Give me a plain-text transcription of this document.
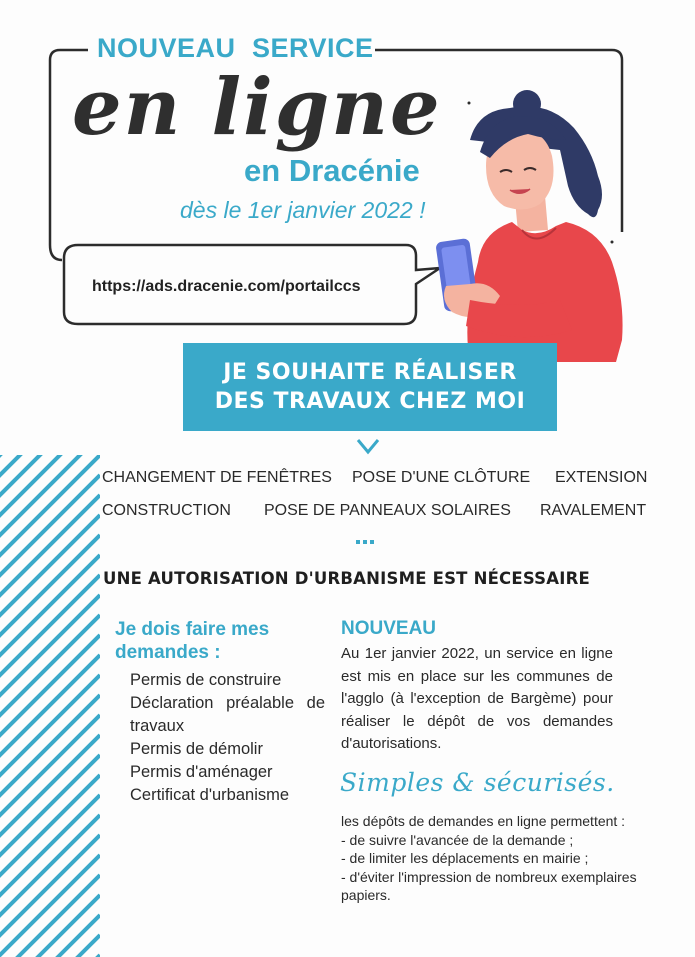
NOUVEAU SERVICE
en ligne
en Dracénie
dès le 1er janvier 2022 !
https://ads.dracenie.com/portailccs
JE SOUHAITE RÉALISER
DES TRAVAUX CHEZ MOI
CHANGEMENT DE FENÊTRES POSE D'UNE CLÔTURE EXTENSION
CONSTRUCTION POSE DE PANNEAUX SOLAIRES RAVALEMENT
UNE AUTORISATION D'URBANISME EST NÉCESSAIRE
Je dois faire mes demandes :
Permis de construire
Déclaration préalable de travaux
Permis de démolir
Permis d'aménager
Certificat d'urbanisme
NOUVEAU
Au 1er janvier 2022, un service en ligne est mis en place sur les communes de l'agglo (à l'exception de Bargème) pour réaliser le dépôt de vos demandes d'autorisations.
Simples & sécurisés.
les dépôts de demandes en ligne permettent :
- de suivre l'avancée de la demande ;
- de limiter les déplacements en mairie ;
- d'éviter l'impression de nombreux exemplaires papiers.
